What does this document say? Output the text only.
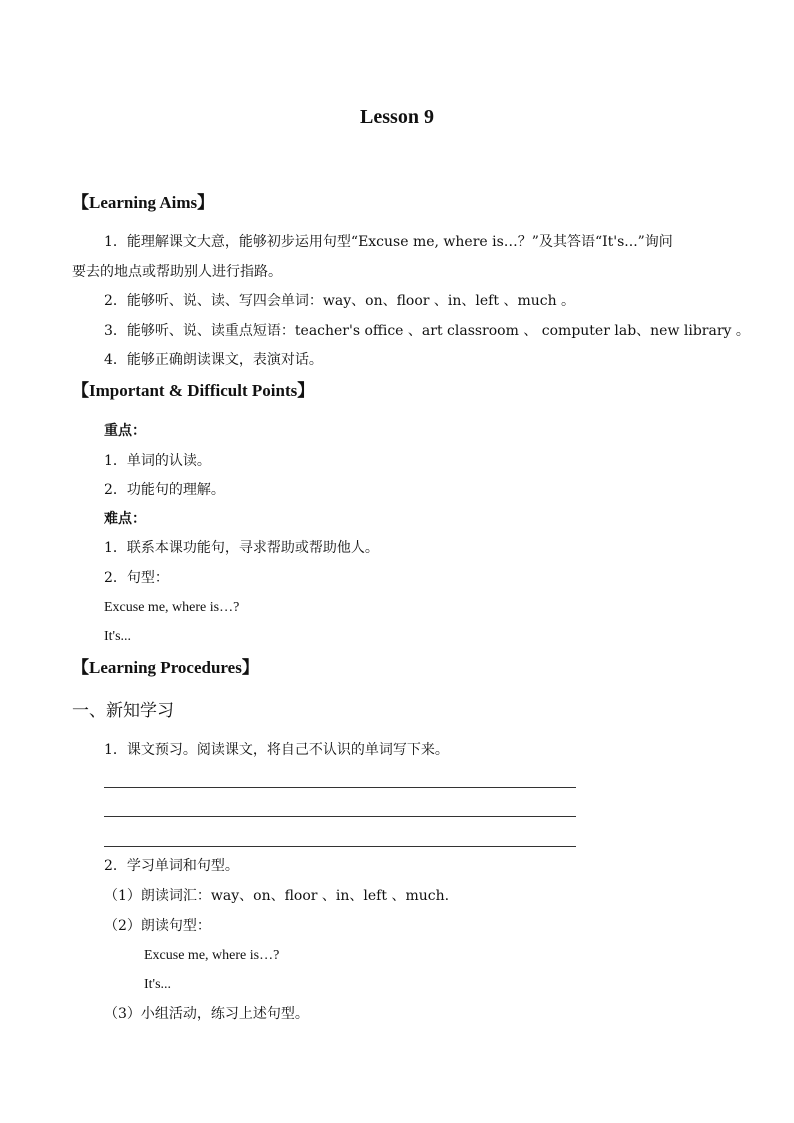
Lesson 9
【Learning Aims】
1．能理解课文大意，能够初步运用句型“Excuse me, where is…？”及其答语“It's...”询问
要去的地点或帮助别人进行指路。
2．能够听、说、读、写四会单词：way、on、floor 、in、left 、much 。
3．能够听、说、读重点短语：teacher's office 、art classroom 、 computer lab、new library 。
4．能够正确朗读课文，表演对话。
【Important & Difficult Points】
重点：
1．单词的认读。
2．功能句的理解。
难点：
1．联系本课功能句，寻求帮助或帮助他人。
2．句型：
Excuse me, where is…?
It's...
【Learning Procedures】
一、新知学习
1．课文预习。阅读课文，将自己不认识的单词写下来。
2．学习单词和句型。
（1）朗读词汇：way、on、floor 、in、left 、much.
（2）朗读句型：
Excuse me, where is…?
It's...
（3）小组活动，练习上述句型。
